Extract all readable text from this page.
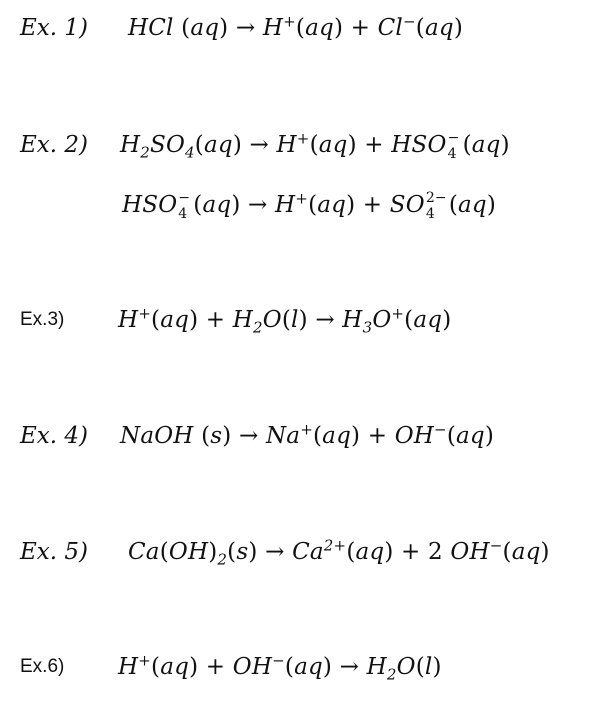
Ex. 1) HCl (aq) → H+(aq) + Cl−(aq)
Ex. 2) $H_2SO_4(aq) \to H^+(aq)$ + HSO −
4 (aq)
HSO −
4 (aq) → H+(aq) + SO 2−
4 (aq)
Ex.3) $H^+(aq) + H_2O(l) \to H_3O^+(aq)$
Ex. 4) NaOH (s) → Na+(aq) + OH−(aq)
Ex. 5) $Ca(OH)_2(s) \to Ca^{2+}(aq) + 2$ OH−(aq)
Ex.6) $H^+(aq) + OH^-(aq) \to H_2O(l)$
